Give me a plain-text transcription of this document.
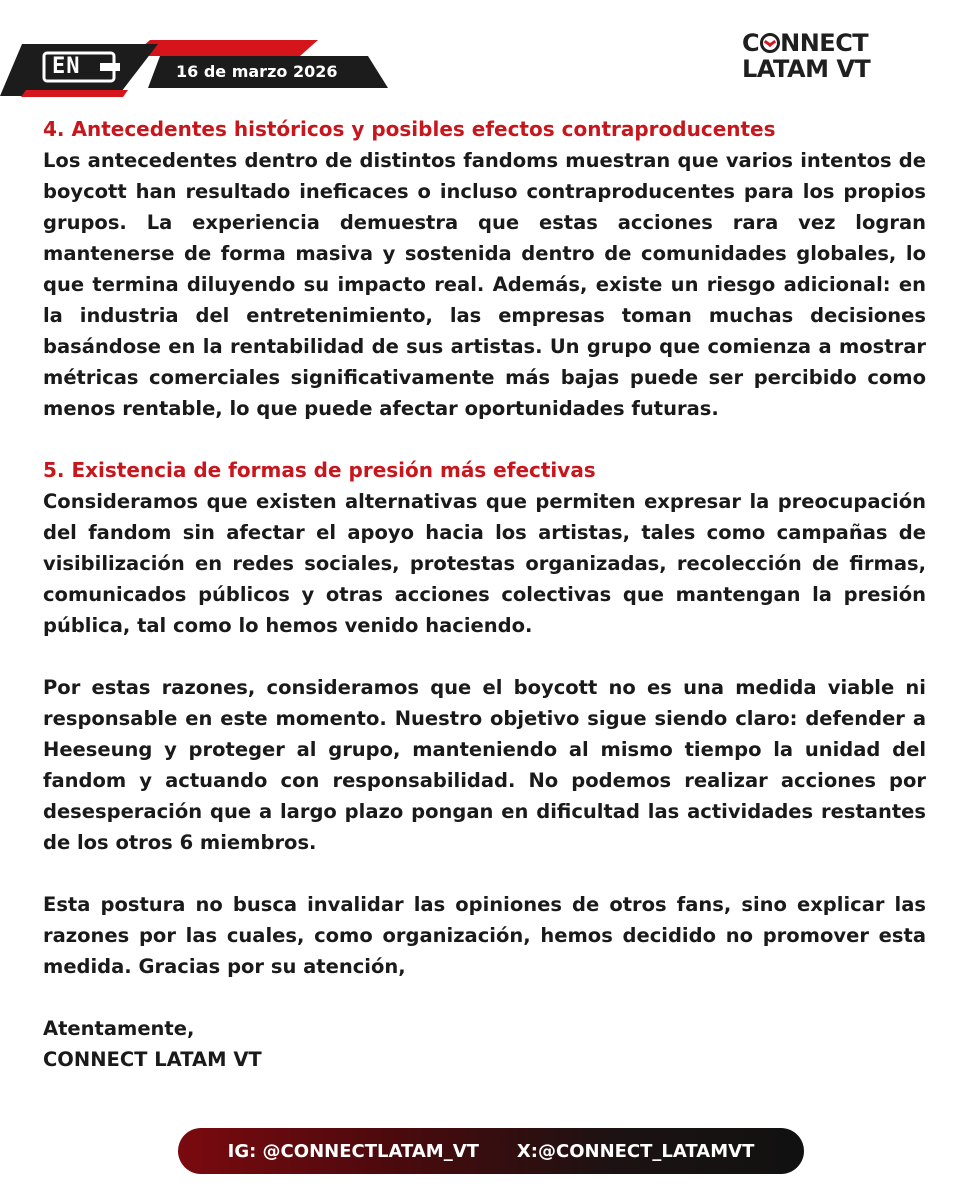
EN	16 de marzo 2026
C NNECT
LATAM VT
4. Antecedentes históricos y posibles efectos contraproducentes

Los antecedentes dentro de distintos fandoms muestran que varios intentos de boycott han resultado ineficaces o incluso contraproducentes para los propios grupos. La experiencia demuestra que estas acciones rara vez logran mantenerse de forma masiva y sostenida dentro de comunidades globales, lo que termina diluyendo su impacto real. Además, existe un riesgo adicional: en la industria del entretenimiento, las empresas toman muchas decisiones basándose en la rentabilidad de sus artistas. Un grupo que comienza a mostrar métricas comerciales significativamente más bajas puede ser percibido como menos rentable, lo que puede afectar oportunidades futuras.

5. Existencia de formas de presión más efectivas

Consideramos que existen alternativas que permiten expresar la preocupación del fandom sin afectar el apoyo hacia los artistas, tales como campañas de visibilización en redes sociales, protestas organizadas, recolección de firmas, comunicados públicos y otras acciones colectivas que mantengan la presión pública, tal como lo hemos venido haciendo.

Por estas razones, consideramos que el boycott no es una medida viable ni responsable en este momento. Nuestro objetivo sigue siendo claro: defender a Heeseung y proteger al grupo, manteniendo al mismo tiempo la unidad del fandom y actuando con responsabilidad. No podemos realizar acciones por desesperación que a largo plazo pongan en dificultad las actividades restantes de los otros 6 miembros.

Esta postura no busca invalidar las opiniones de otros fans, sino explicar las razones por las cuales, como organización, hemos decidido no promover esta medida. Gracias por su atención,

Atentamente,

CONNECT LATAM VT

IG: @CONNECTLATAM_VT X:@CONNECT_LATAMVT
